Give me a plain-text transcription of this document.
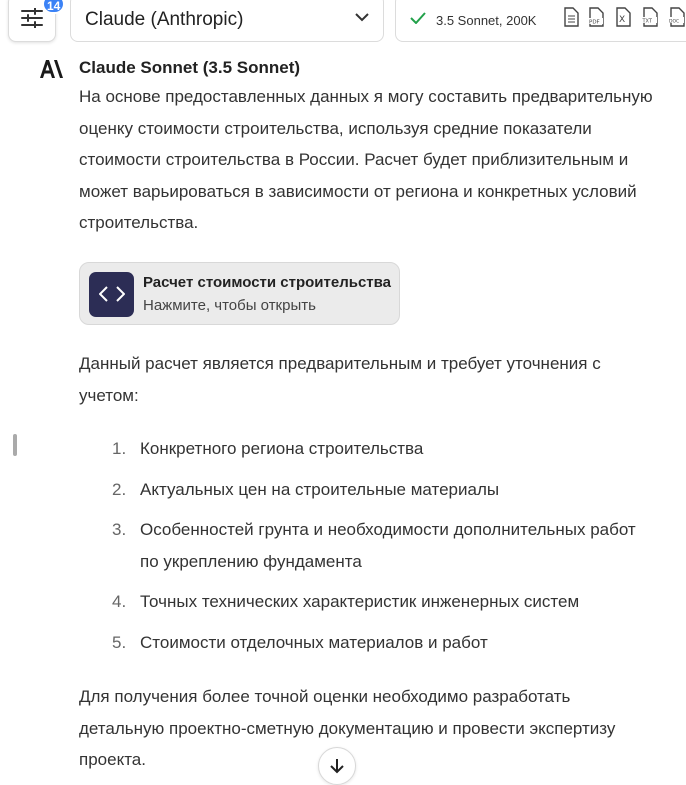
14
Claude (Anthropic)	3.5 Sonnet, 200K	PDF X	TXT	DOC
Claude Sonnet (3.5 Sonnet)
На основе предоставленных данных я могу составить предварительную оценку стоимости строительства, используя средние показатели стоимости строительства в России. Расчет будет приблизительным и может варьироваться в зависимости от региона и конкретных условий строительства.
Расчет стоимости строительства
Нажмите, чтобы открыть
Данный расчет является предварительным и требует уточнения с учетом:
1. Конкретного региона строительства
2. Актуальных цен на строительные материалы
3. Особенностей грунта и необходимости дополнительных работ по укреплению фундамента
4. Точных технических характеристик инженерных систем
5. Стоимости отделочных материалов и работ
Для получения более точной оценки необходимо разработать детальную проектно-сметную документацию и провести экспертизу проекта.
